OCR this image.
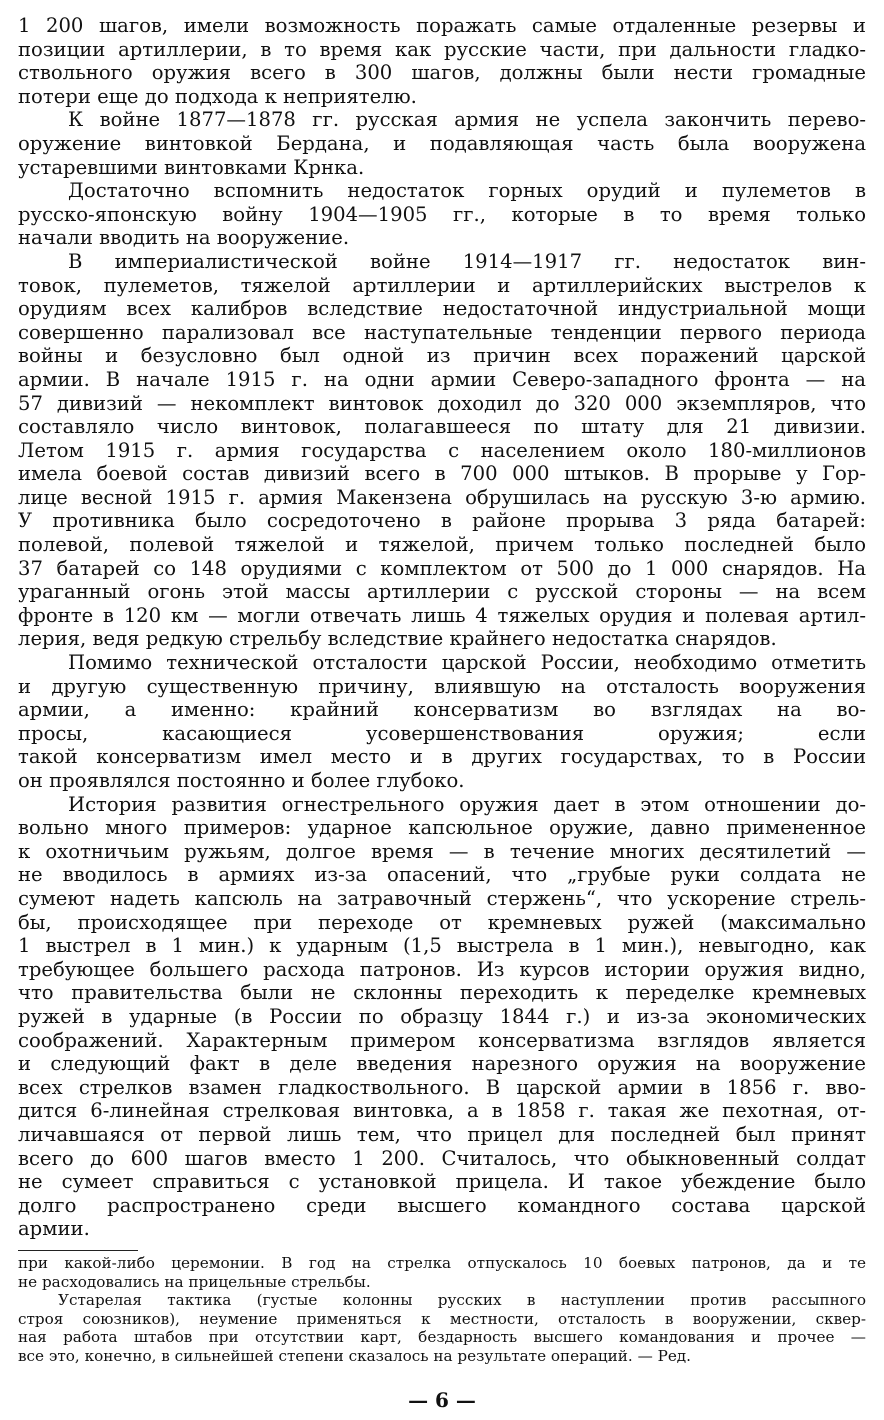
1 200 шагов, имели возможность поражать самые отдаленные резервы и
позиции артиллерии, в то время как русские части, при дальности гладко-
ствольного оружия всего в 300 шагов, должны были нести громадные
потери еще до подхода к неприятелю.
К войне 1877—1878 гг. русская армия не успела закончить перево-
оружение винтовкой Бердана, и подавляющая часть была вооружена
устаревшими винтовками Крнка.
Достаточно вспомнить недостаток горных орудий и пулеметов в
русско-японскую войну 1904—1905 гг., которые в то время только
начали вводить на вооружение.
В империалистической войне 1914—1917 гг. недостаток вин-
товок, пулеметов, тяжелой артиллерии и артиллерийских выстрелов к
орудиям всех калибров вследствие недостаточной индустриальной мощи
совершенно парализовал все наступательные тенденции первого периода
войны и безусловно был одной из причин всех поражений царской
армии. В начале 1915 г. на одни армии Северо-западного фронта — на
57 дивизий — некомплект винтовок доходил до 320 000 экземпляров, что
составляло число винтовок, полагавшееся по штату для 21 дивизии.
Летом 1915 г. армия государства с населением около 180-миллионов
имела боевой состав дивизий всего в 700 000 штыков. В прорыве у Гор-
лице весной 1915 г. армия Макензена обрушилась на русскую 3-ю армию.
У противника было сосредоточено в районе прорыва 3 ряда батарей:
полевой, полевой тяжелой и тяжелой, причем только последней было
37 батарей со 148 орудиями с комплектом от 500 до 1 000 снарядов. На
ураганный огонь этой массы артиллерии с русской стороны — на всем
фронте в 120 км — могли отвечать лишь 4 тяжелых орудия и полевая артил-
лерия, ведя редкую стрельбу вследствие крайнего недостатка снарядов.
Помимо технической отсталости царской России, необходимо отметить
и другую существенную причину, влиявшую на отсталость вооружения
армии, а именно: крайний консерватизм во взглядах на во-
просы, касающиеся усовершенствования оружия; если
такой консерватизм имел место и в других государствах, то в России
он проявлялся постоянно и более глубоко.
История развития огнестрельного оружия дает в этом отношении до-
вольно много примеров: ударное капсюльное оружие, давно примененное
к охотничьим ружьям, долгое время — в течение многих десятилетий —
не вводилось в армиях из-за опасений, что „грубые руки солдата не
сумеют надеть капсюль на затравочный стержень“, что ускорение стрель-
бы, происходящее при переходе от кремневых ружей (максимально
1 выстрел в 1 мин.) к ударным (1,5 выстрела в 1 мин.), невыгодно, как
требующее большего расхода патронов. Из курсов истории оружия видно,
что правительства были не склонны переходить к переделке кремневых
ружей в ударные (в России по образцу 1844 г.) и из-за экономических
соображений. Характерным примером консерватизма взглядов является
и следующий факт в деле введения нарезного оружия на вооружение
всех стрелков взамен гладкоствольного. В царской армии в 1856 г. вво-
дится 6-линейная стрелковая винтовка, а в 1858 г. такая же пехотная, от-
личавшаяся от первой лишь тем, что прицел для последней был принят
всего до 600 шагов вместо 1 200. Считалось, что обыкновенный солдат
не сумеет справиться с установкой прицела. И такое убеждение было
долго распространено среди высшего командного состава царской
армии.
при какой-либо церемонии. В год на стрелка отпускалось 10 боевых патронов, да и те
не расходовались на прицельные стрельбы.
Устарелая тактика (густые колонны русских в наступлении против рассыпного
строя союзников), неумение применяться к местности, отсталость в вооружении, сквер-
ная работа штабов при отсутствии карт, бездарность высшего командования и прочее —
все это, конечно, в сильнейшей степени сказалось на результате операций. — Ред.
— 6 —
